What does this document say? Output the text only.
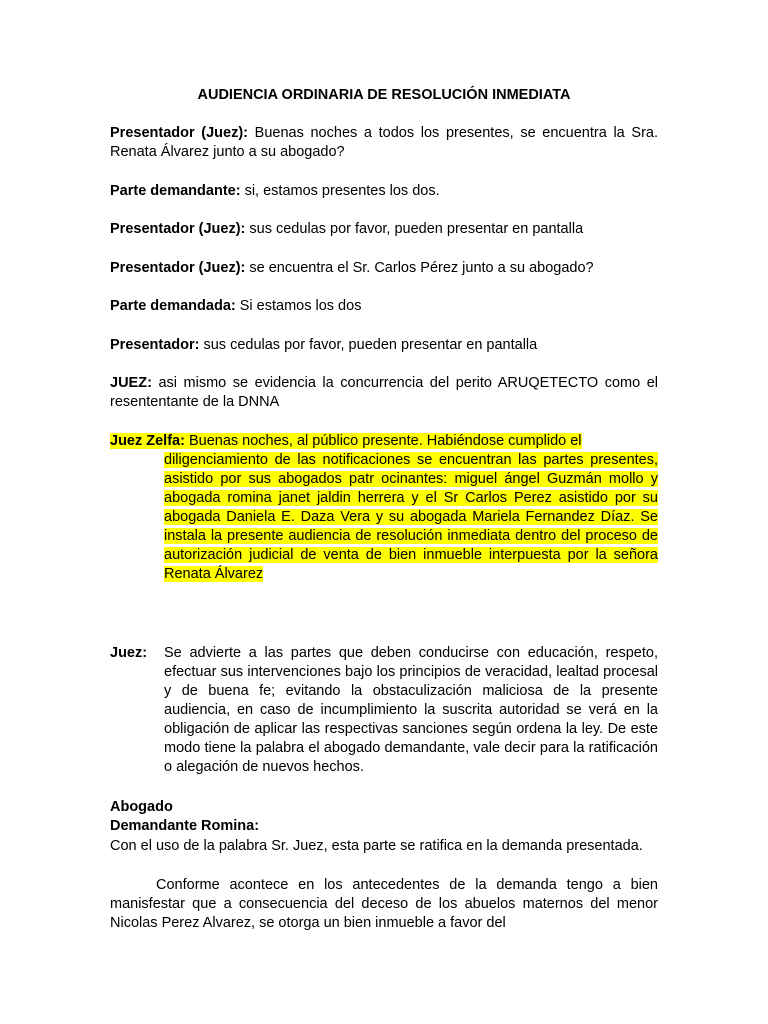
AUDIENCIA ORDINARIA DE RESOLUCIÓN INMEDIATA
Presentador (Juez): Buenas noches a todos los presentes, se encuentra la Sra. Renata Álvarez junto a su abogado?
Parte demandante: si, estamos presentes los dos.
Presentador (Juez): sus cedulas por favor, pueden presentar en pantalla
Presentador (Juez): se encuentra el Sr. Carlos Pérez junto a su abogado?
Parte demandada: Si estamos los dos
Presentador: sus cedulas por favor, pueden presentar en pantalla
JUEZ: asi mismo se evidencia la concurrencia del perito ARUQETECTO como el resententante de la DNNA
Juez Zelfa: Buenas noches, al público presente. Habiéndose cumplido el
diligenciamiento de las notificaciones se encuentran las partes presentes, asistido por sus abogados patr ocinantes: miguel ángel Guzmán mollo y abogada romina janet jaldin herrera y el Sr Carlos Perez asistido por su abogada Daniela E. Daza Vera y su abogada Mariela Fernandez Díaz. Se instala la presente audiencia de resolución inmediata dentro del proceso de autorización judicial de venta de bien inmueble interpuesta por la señora Renata Álvarez
Juez: Se advierte a las partes que deben conducirse con educación, respeto, efectuar sus intervenciones bajo los principios de veracidad, lealtad procesal y de buena fe; evitando la obstaculización maliciosa de la presente audiencia, en caso de incumplimiento la suscrita autoridad se verá en la obligación de aplicar las respectivas sanciones según ordena la ley. De este modo tiene la palabra el abogado demandante, vale decir para la ratificación o alegación de nuevos hechos.
Abogado
Demandante Romina:
Con el uso de la palabra Sr. Juez, esta parte se ratifica en la demanda presentada.
Conforme acontece en los antecedentes de la demanda tengo a bien manisfestar que a consecuencia del deceso de los abuelos maternos del menor Nicolas Perez Alvarez, se otorga un bien inmueble a favor del
